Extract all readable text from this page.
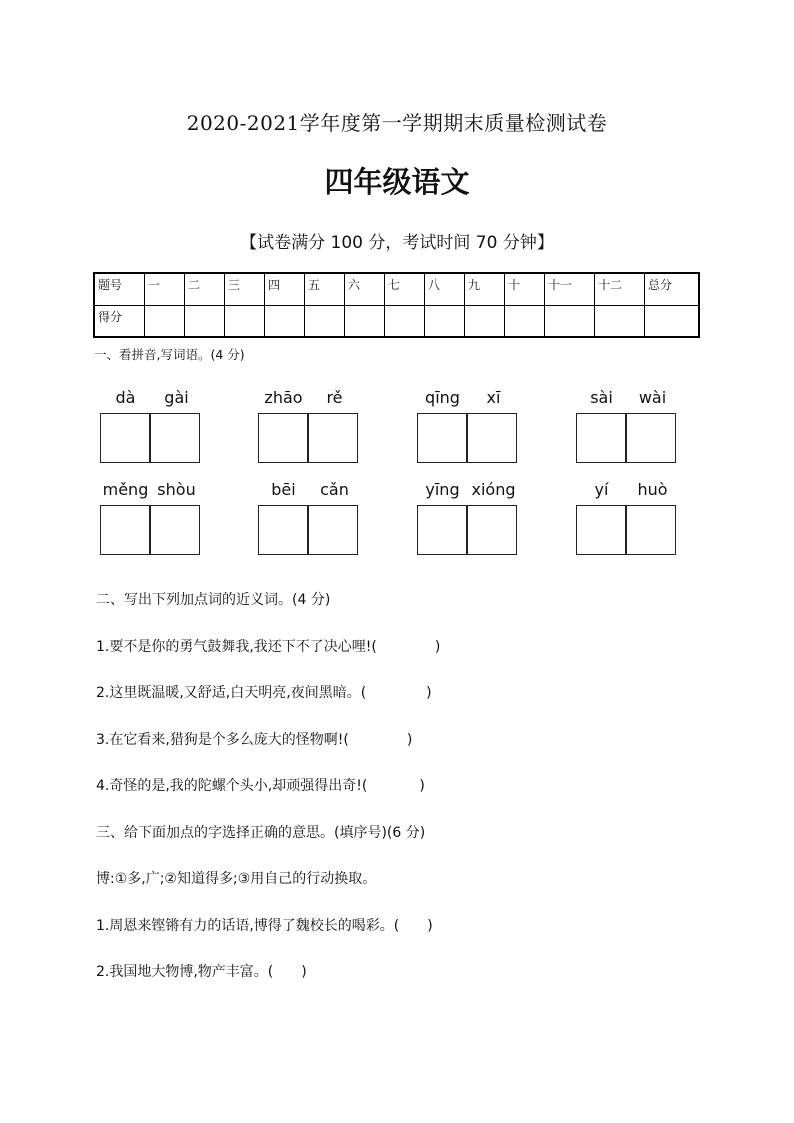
2020-2021学年度第一学期期末质量检测试卷
四年级语文
【试卷满分 100 分，考试时间 70 分钟】
题号	一	二	三	四	五	六	七	八	九	十	十一	十二	总分
得分													
一、看拼音,写词语。(4 分)
dà	gài	zhāo	rě	qīng	xī	sài	wài
měng shòu	bēi	cǎn	yīng xióng	yí	huò
二、写出下列加点词的近义词。(4 分)
1.要不是你的勇气鼓舞我,我还下不了决心哩!(	)
2.这里既温暖,又舒适,白天明亮,夜间黑暗。(	)
3.在它看来,猎狗是个多么庞大的怪物啊!(	)
4.奇怪的是,我的陀螺个头小,却顽强得出奇!(	)
三、给下面加点的字选择正确的意思。(填序号)(6 分)
博:①多,广;②知道得多;③用自己的行动换取。
1.周恩来铿锵有力的话语,博得了魏校长的喝彩。( )
2.我国地大物博,物产丰富。( )
